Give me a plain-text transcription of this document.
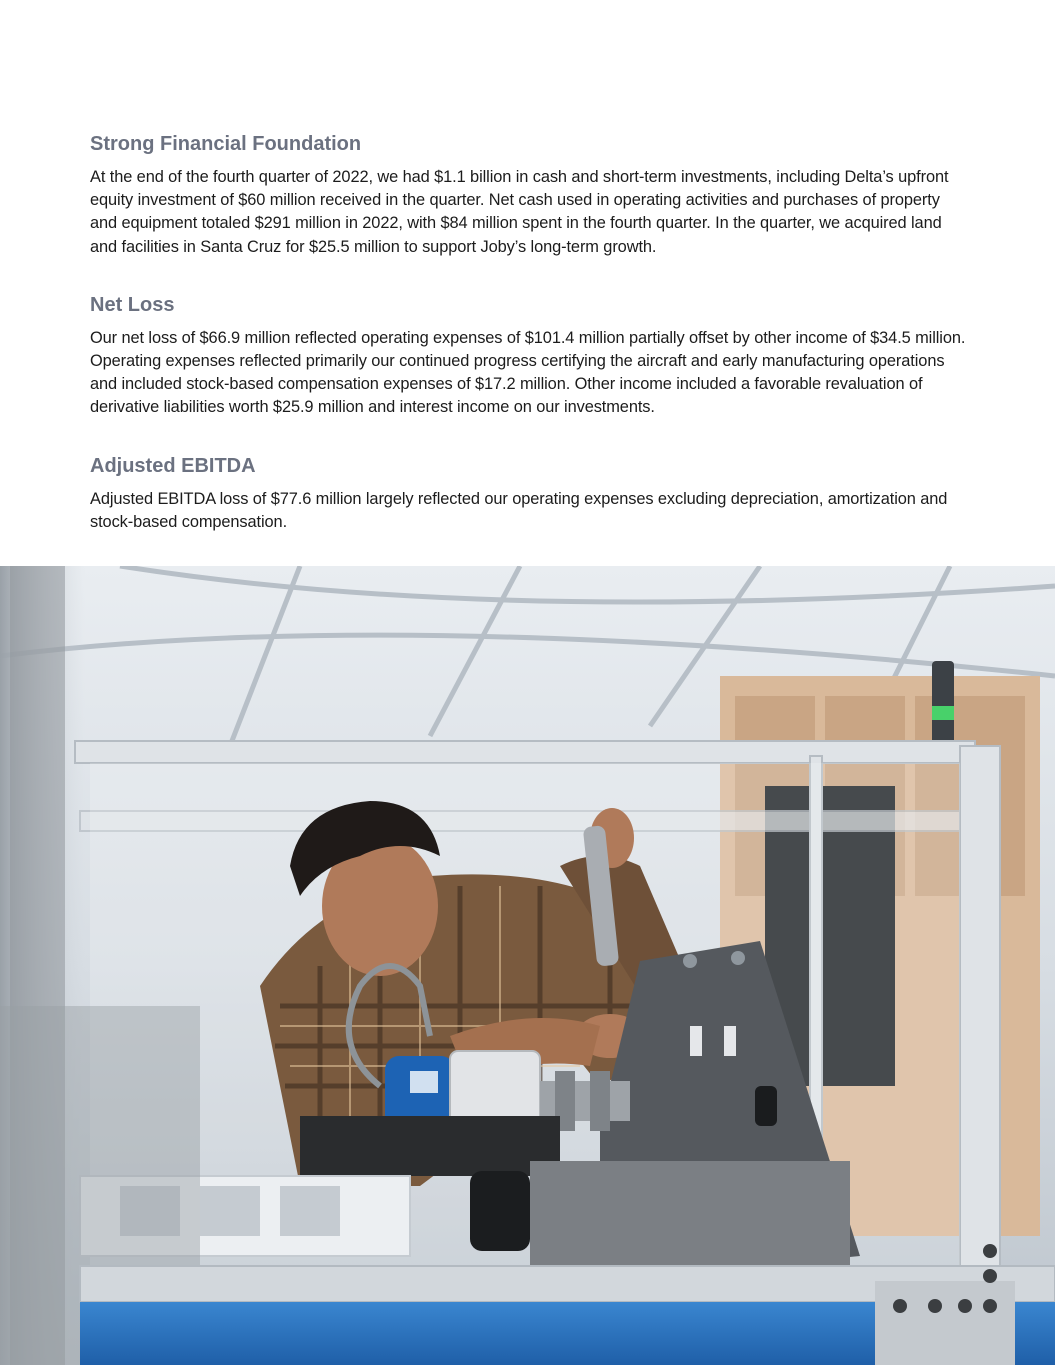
Strong Financial Foundation

At the end of the fourth quarter of 2022, we had $1.1 billion in cash and short-term investments, including Delta’s upfront equity investment of $60 million received in the quarter. Net cash used in operating activities and purchases of property and equipment totaled $291 million in 2022, with $84 million spent in the fourth quarter. In the quarter, we acquired land and facilities in Santa Cruz for $25.5 million to support Joby’s long-term growth.

Net Loss

Our net loss of $66.9 million reflected operating expenses of $101.4 million partially offset by other income of $34.5 million. Operating expenses reflected primarily our continued progress certifying the aircraft and early manufacturing operations and included stock-based compensation expenses of $17.2 million. Other income included a favorable revaluation of derivative liabilities worth $25.9 million and interest income on our investments.

Adjusted EBITDA

Adjusted EBITDA loss of $77.6 million largely reflected our operating expenses excluding depreciation, amortization and stock-based compensation.
